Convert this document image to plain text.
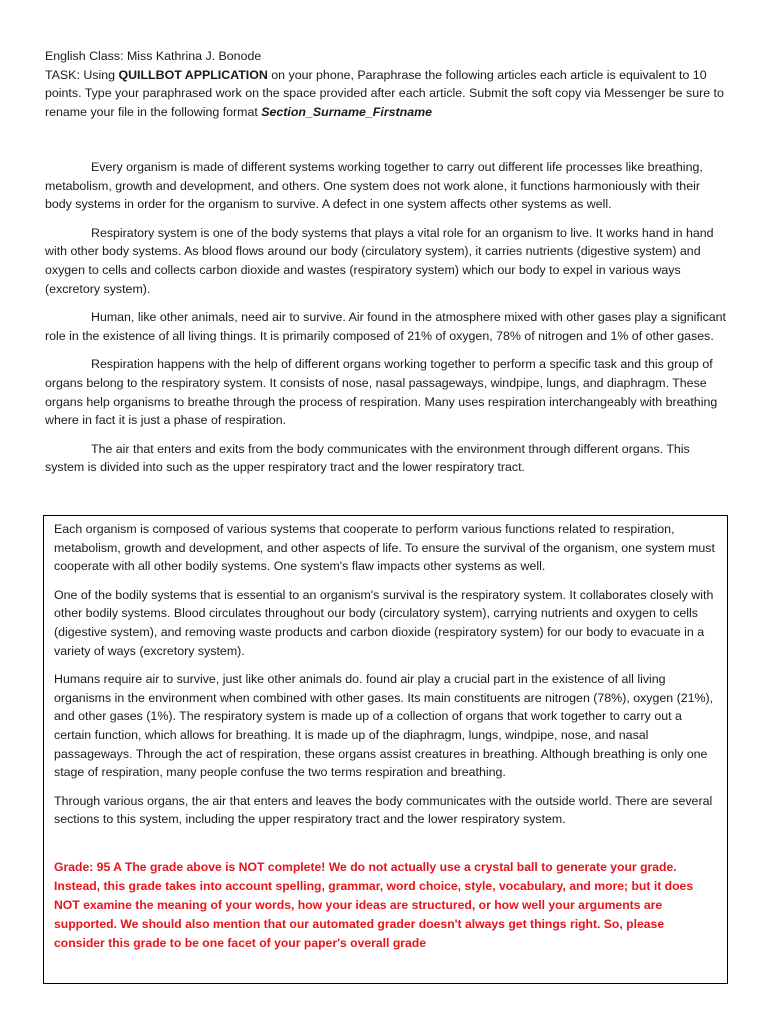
English Class: Miss Kathrina J. Bonode

TASK: Using QUILLBOT APPLICATION on your phone, Paraphrase the following articles each article is equivalent to 10 points. Type your paraphrased work on the space provided after each article. Submit the soft copy via Messenger be sure to rename your file in the following format Section_Surname_Firstname

Every organism is made of different systems working together to carry out different life processes like breathing, metabolism, growth and development, and others. One system does not work alone, it functions harmoniously with their body systems in order for the organism to survive. A defect in one system affects other systems as well.

Respiratory system is one of the body systems that plays a vital role for an organism to live. It works hand in hand with other body systems. As blood flows around our body (circulatory system), it carries nutrients (digestive system) and oxygen to cells and collects carbon dioxide and wastes (respiratory system) which our body to expel in various ways (excretory system).

Human, like other animals, need air to survive. Air found in the atmosphere mixed with other gases play a significant role in the existence of all living things. It is primarily composed of 21% of oxygen, 78% of nitrogen and 1% of other gases.

Respiration happens with the help of different organs working together to perform a specific task and this group of organs belong to the respiratory system. It consists of nose, nasal passageways, windpipe, lungs, and diaphragm. These organs help organisms to breathe through the process of respiration. Many uses respiration interchangeably with breathing where in fact it is just a phase of respiration.

The air that enters and exits from the body communicates with the environment through different organs. This system is divided into such as the upper respiratory tract and the lower respiratory tract.

Each organism is composed of various systems that cooperate to perform various functions related to respiration, metabolism, growth and development, and other aspects of life. To ensure the survival of the organism, one system must cooperate with all other bodily systems. One system's flaw impacts other systems as well.

One of the bodily systems that is essential to an organism's survival is the respiratory system. It collaborates closely with other bodily systems. Blood circulates throughout our body (circulatory system), carrying nutrients and oxygen to cells (digestive system), and removing waste products and carbon dioxide (respiratory system) for our body to evacuate in a variety of ways (excretory system).

Humans require air to survive, just like other animals do. found air play a crucial part in the existence of all living organisms in the environment when combined with other gases. Its main constituents are nitrogen (78%), oxygen (21%), and other gases (1%). The respiratory system is made up of a collection of organs that work together to carry out a certain function, which allows for breathing. It is made up of the diaphragm, lungs, windpipe, nose, and nasal passageways. Through the act of respiration, these organs assist creatures in breathing. Although breathing is only one stage of respiration, many people confuse the two terms respiration and breathing.

Through various organs, the air that enters and leaves the body communicates with the outside world. There are several sections to this system, including the upper respiratory tract and the lower respiratory system.

Grade: 95 A The grade above is NOT complete! We do not actually use a crystal ball to generate your grade. Instead, this grade takes into account spelling, grammar, word choice, style, vocabulary, and more; but it does NOT examine the meaning of your words, how your ideas are structured, or how well your arguments are supported. We should also mention that our automated grader doesn't always get things right. So, please consider this grade to be one facet of your paper's overall grade
